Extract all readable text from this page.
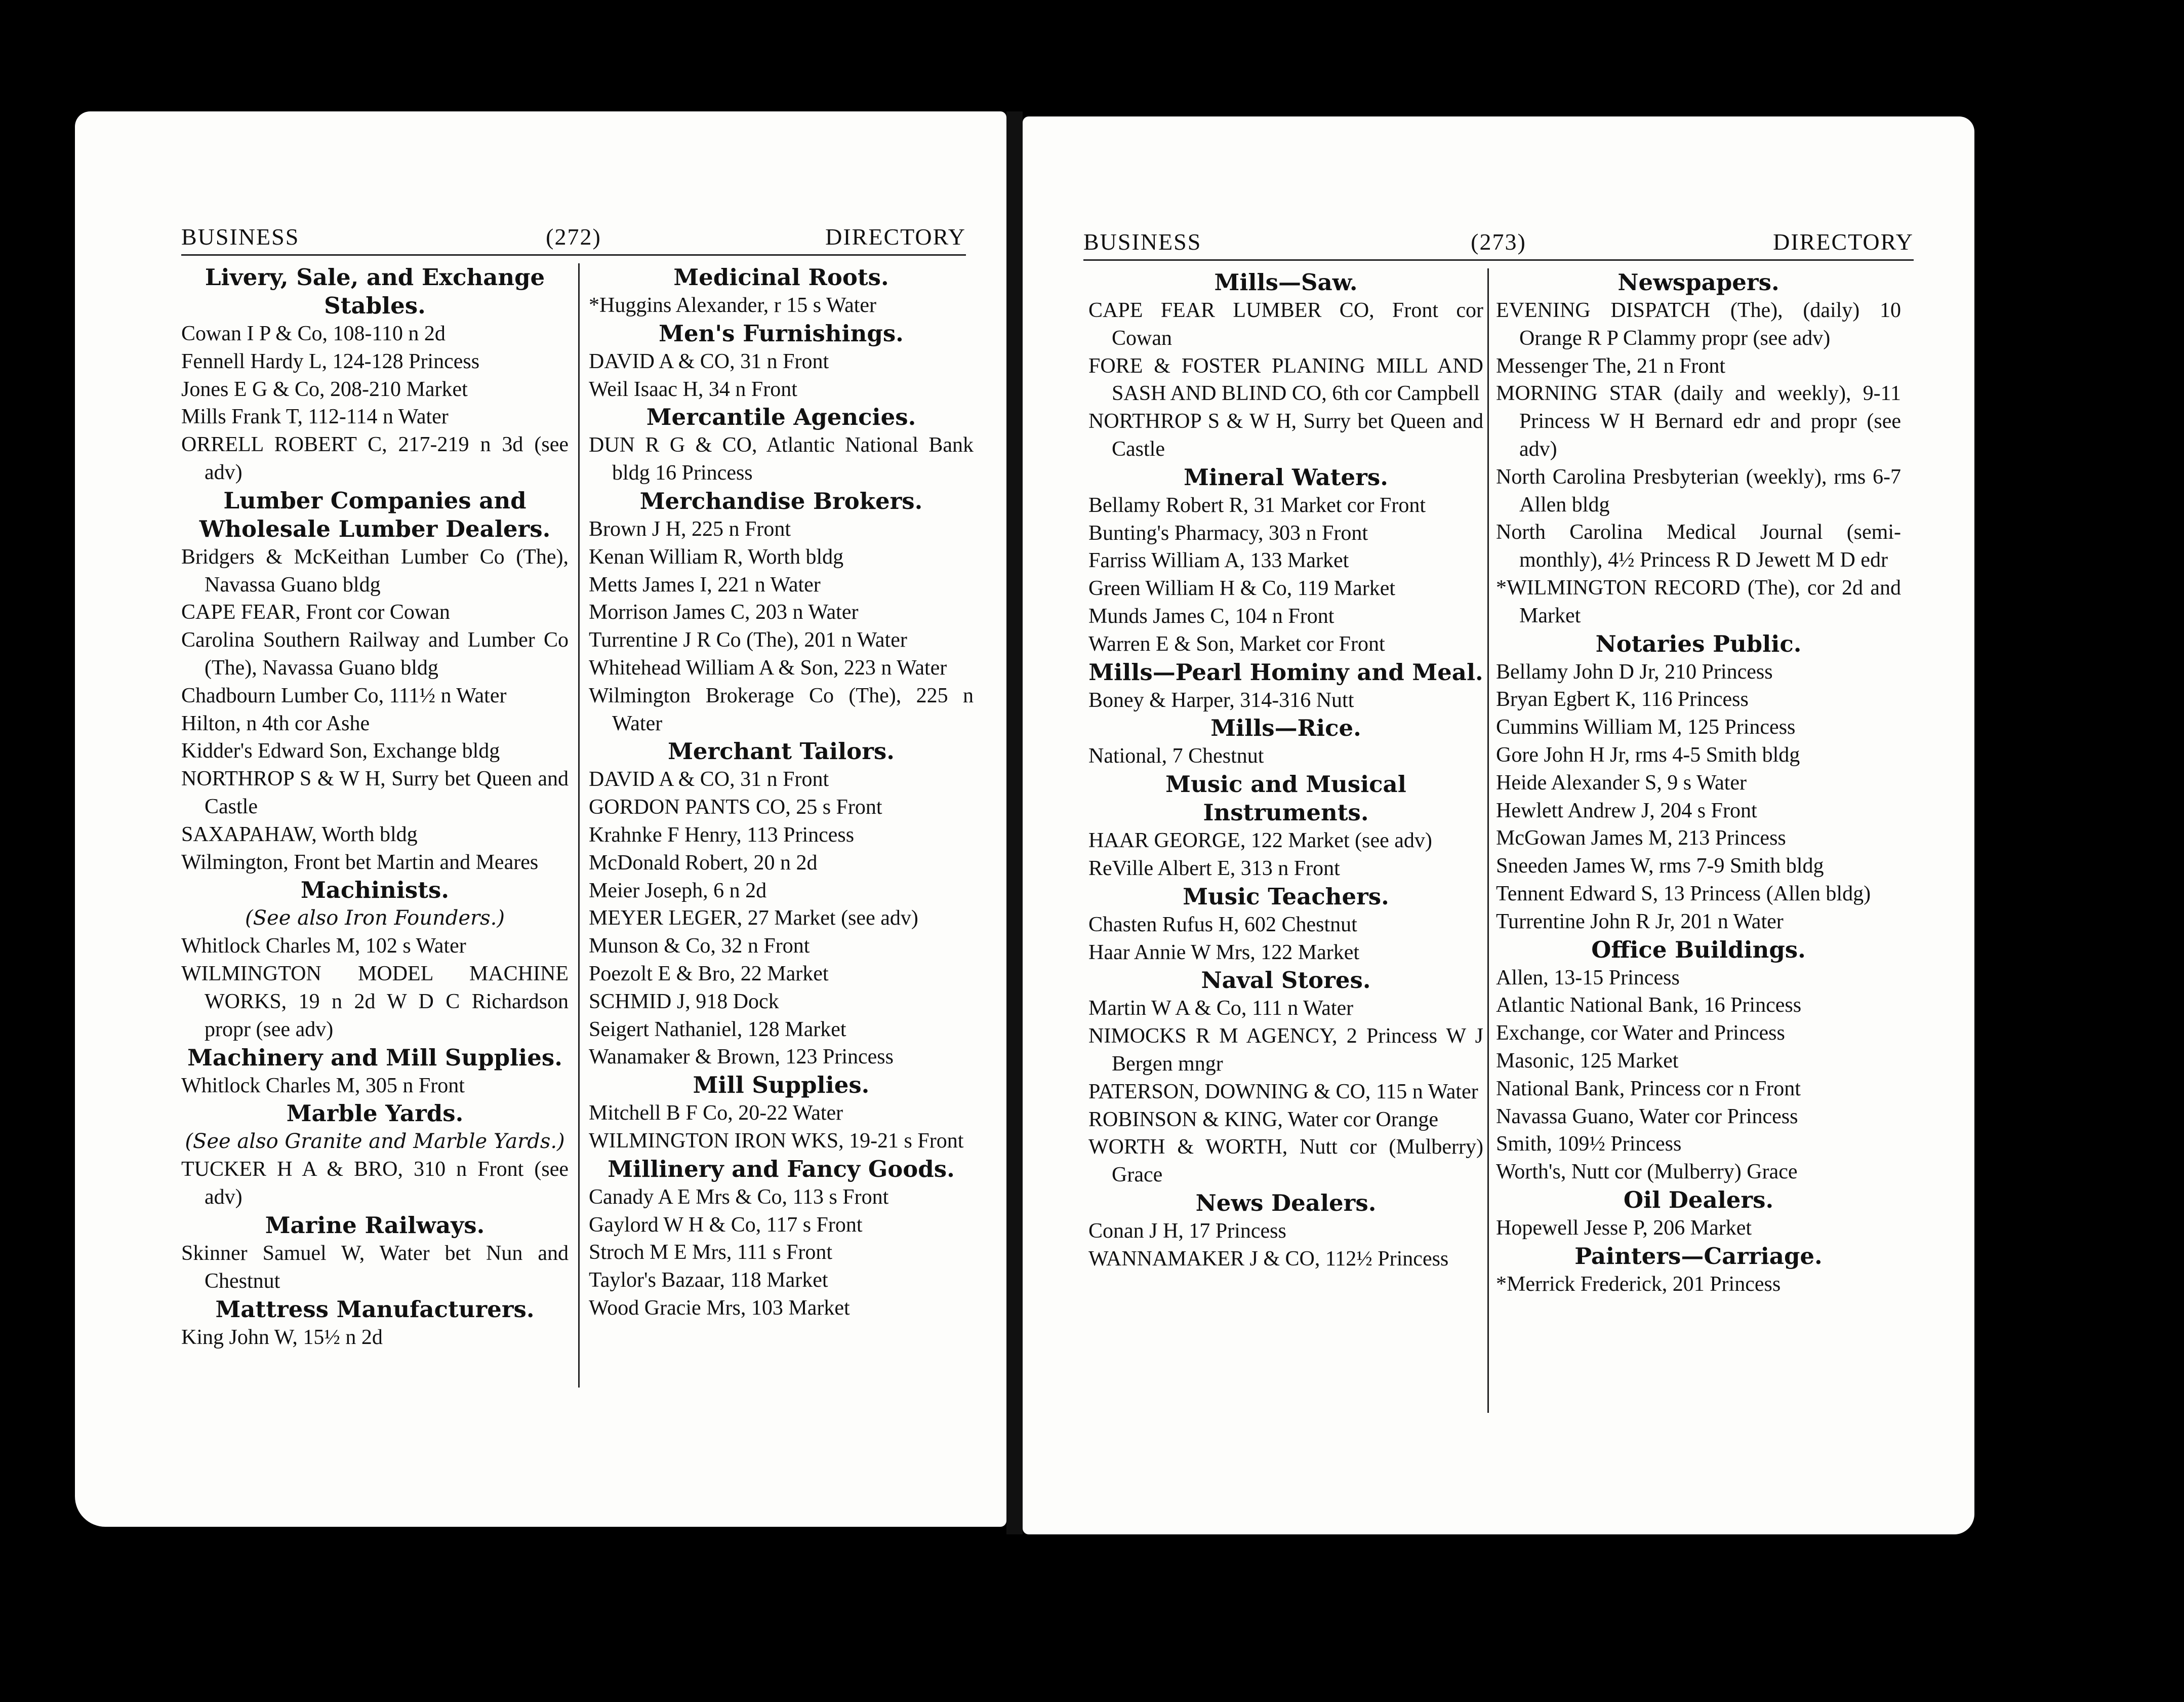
BUSINESS	(272)	DIRECTORY
Livery, Sale, and Exchange Stables.
Cowan I P & Co, 108-110 n 2d
Fennell Hardy L, 124-128 Princess
Jones E G & Co, 208-210 Market
Mills Frank T, 112-114 n Water
ORRELL ROBERT C, 217-219 n 3d (see adv)
Lumber Companies and Wholesale Lumber Dealers.
Bridgers & McKeithan Lumber Co (The), Navassa Guano bldg
CAPE FEAR, Front cor Cowan
Carolina Southern Railway and Lumber Co (The), Navassa Guano bldg
Chadbourn Lumber Co, 111½ n Water
Hilton, n 4th cor Ashe
Kidder's Edward Son, Exchange bldg
NORTHROP S & W H, Surry bet Queen and Castle
SAXAPAHAW, Worth bldg
Wilmington, Front bet Martin and Meares
Machinists.
(See also Iron Founders.)
Whitlock Charles M, 102 s Water
WILMINGTON MODEL MACHINE WORKS, 19 n 2d W D C Richardson propr (see adv)
Machinery and Mill Supplies.
Whitlock Charles M, 305 n Front
Marble Yards.
(See also Granite and Marble Yards.)
TUCKER H A & BRO, 310 n Front (see adv)
Marine Railways.
Skinner Samuel W, Water bet Nun and Chestnut
Mattress Manufacturers.
King John W, 15½ n 2d
Medicinal Roots.
*Huggins Alexander, r 15 s Water
Men's Furnishings.
DAVID A & CO, 31 n Front
Weil Isaac H, 34 n Front
Mercantile Agencies.
DUN R G & CO, Atlantic National Bank bldg 16 Princess
Merchandise Brokers.
Brown J H, 225 n Front
Kenan William R, Worth bldg
Metts James I, 221 n Water
Morrison James C, 203 n Water
Turrentine J R Co (The), 201 n Water
Whitehead William A & Son, 223 n Water
Wilmington Brokerage Co (The), 225 n Water
Merchant Tailors.
DAVID A & CO, 31 n Front
GORDON PANTS CO, 25 s Front
Krahnke F Henry, 113 Princess
McDonald Robert, 20 n 2d
Meier Joseph, 6 n 2d
MEYER LEGER, 27 Market (see adv)
Munson & Co, 32 n Front
Poezolt E & Bro, 22 Market
SCHMID J, 918 Dock
Seigert Nathaniel, 128 Market
Wanamaker & Brown, 123 Princess
Mill Supplies.
Mitchell B F Co, 20-22 Water
WILMINGTON IRON WKS, 19-21 s Front
Millinery and Fancy Goods.
Canady A E Mrs & Co, 113 s Front
Gaylord W H & Co, 117 s Front
Stroch M E Mrs, 111 s Front
Taylor's Bazaar, 118 Market
Wood Gracie Mrs, 103 Market
BUSINESS	(273)	DIRECTORY
Mills—Saw.
CAPE FEAR LUMBER CO, Front cor Cowan
FORE & FOSTER PLANING MILL AND SASH AND BLIND CO, 6th cor Campbell
NORTHROP S & W H, Surry bet Queen and Castle
Mineral Waters.
Bellamy Robert R, 31 Market cor Front
Bunting's Pharmacy, 303 n Front
Farriss William A, 133 Market
Green William H & Co, 119 Market
Munds James C, 104 n Front
Warren E & Son, Market cor Front
Mills—Pearl Hominy and Meal.
Boney & Harper, 314-316 Nutt
Mills—Rice.
National, 7 Chestnut
Music and Musical Instruments.
HAAR GEORGE, 122 Market (see adv)
ReVille Albert E, 313 n Front
Music Teachers.
Chasten Rufus H, 602 Chestnut
Haar Annie W Mrs, 122 Market
Naval Stores.
Martin W A & Co, 111 n Water
NIMOCKS R M AGENCY, 2 Princess W J Bergen mngr
PATERSON, DOWNING & CO, 115 n Water
ROBINSON & KING, Water cor Orange
WORTH & WORTH, Nutt cor (Mulberry) Grace
News Dealers.
Conan J H, 17 Princess
WANNAMAKER J & CO, 112½ Princess
Newspapers.
EVENING DISPATCH (The), (daily) 10 Orange R P Clammy propr (see adv)
Messenger The, 21 n Front
MORNING STAR (daily and weekly), 9-11 Princess W H Bernard edr and propr (see adv)
North Carolina Presbyterian (weekly), rms 6-7 Allen bldg
North Carolina Medical Journal (semi-monthly), 4½ Princess R D Jewett M D edr
*WILMINGTON RECORD (The), cor 2d and Market
Notaries Public.
Bellamy John D Jr, 210 Princess
Bryan Egbert K, 116 Princess
Cummins William M, 125 Princess
Gore John H Jr, rms 4-5 Smith bldg
Heide Alexander S, 9 s Water
Hewlett Andrew J, 204 s Front
McGowan James M, 213 Princess
Sneeden James W, rms 7-9 Smith bldg
Tennent Edward S, 13 Princess (Allen bldg)
Turrentine John R Jr, 201 n Water
Office Buildings.
Allen, 13-15 Princess
Atlantic National Bank, 16 Princess
Exchange, cor Water and Princess
Masonic, 125 Market
National Bank, Princess cor n Front
Navassa Guano, Water cor Princess
Smith, 109½ Princess
Worth's, Nutt cor (Mulberry) Grace
Oil Dealers.
Hopewell Jesse P, 206 Market
Painters—Carriage.
*Merrick Frederick, 201 Princess
